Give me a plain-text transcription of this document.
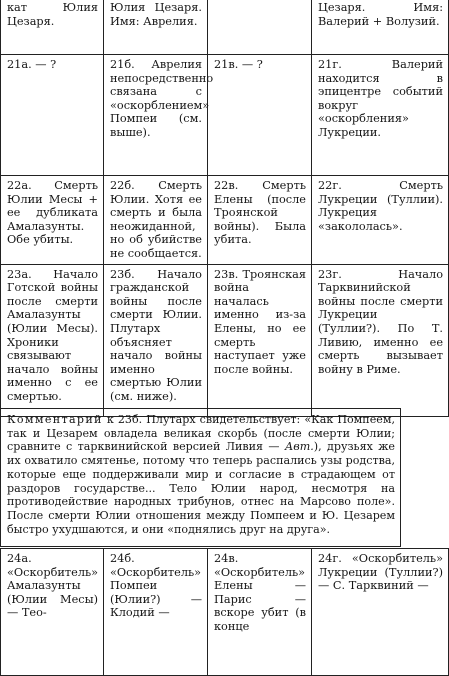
кат Юлия Цезаря.	Юлия Цезаря. Имя: Аврелия.		Цезаря. Имя: Валерий + Волузий.
21а. — ?	21б. Аврелия непосредственно связана с «оскорблением» Помпеи (см. выше).	21в. — ?	21г. Валерий находится в эпицентре событий вокруг «оскорбления» Лукреции.
22а. Смерть Юлии Месы + ее дубликата Амалазунты. Обе убиты.	22б. Смерть Юлии. Хотя ее смерть и была неожиданной, но об убийстве не сообщается.	22в. Смерть Елены (после Троянской войны). Была убита.	22г. Смерть Лукреции (Туллии). Лукреция «закололась».
23а. Начало Готской войны после смерти Амалазунты (Юлии Месы). Хроники связывают начало войны именно с ее смертью.	23б. Начало гражданской войны после смерти Юлии. Плутарх объясняет начало войны именно смертью Юлии (см. ниже).	23в. Троянская война началась именно из-за Елены, но ее смерть наступает уже после войны.	23г. Начало Тарквинийской войны после смерти Лукреции (Туллии?). По Т. Ливию, именно ее смерть вызывает войну в Риме.
Комментарий к 23б. Плутарх свидетельствует: «Как Помпеем, так и Цезарем овладела великая скорбь (после смерти Юлии; сравните с тарквинийской версией Ливия — Авт.), друзьях же их охватило смятенье, потому что теперь распались узы родства, которые еще поддерживали мир и согласие в страдающем от раздоров государстве... Тело Юлии народ, несмотря на противодействие народных трибунов, отнес на Марсово поле». После смерти Юлии отношения между Помпеем и Ю. Цезарем быстро ухудшаются, и они «поднялись друг на друга».
24а. «Оскорбитель» Амалазунты (Юлии Месы) — Тео-	24б. «Оскорбитель» Помпеи (Юлии?) — Клодий —	24в. «Оскорбитель» Елены — Парис — вскоре убит (в конце	24г. «Оскорбитель» Лукреции (Туллии?) — С. Тарквиний —
